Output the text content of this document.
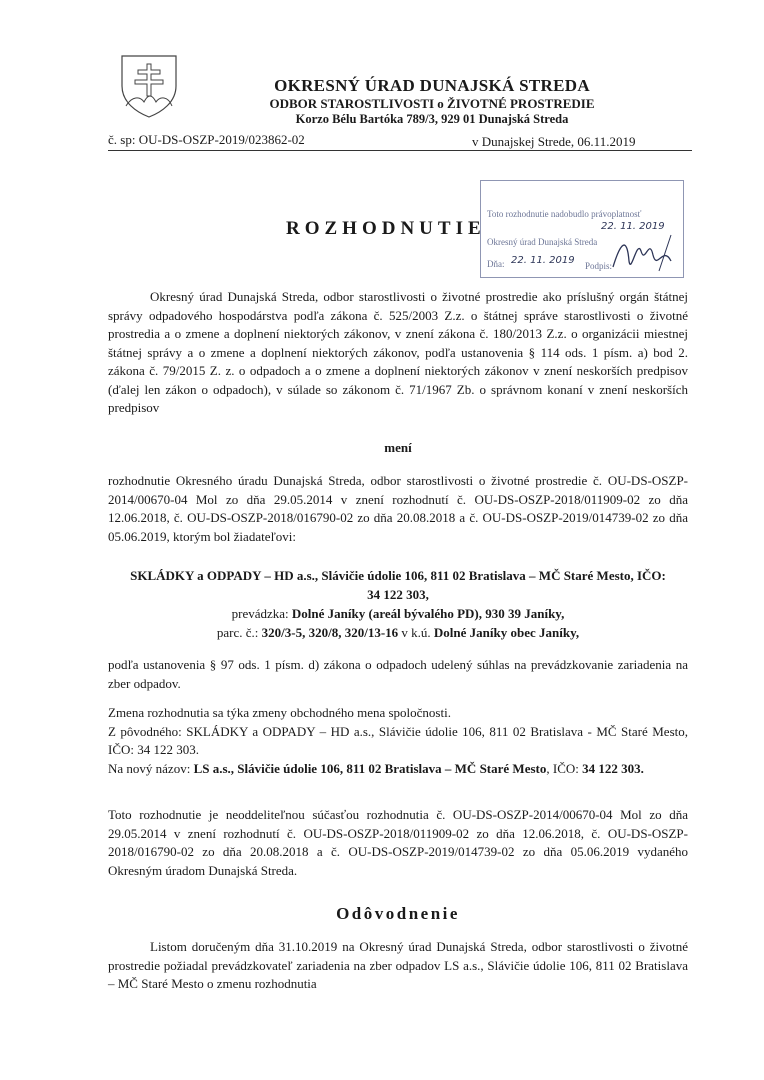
OKRESNÝ ÚRAD DUNAJSKÁ STREDA
ODBOR STAROSTLIVOSTI o ŽIVOTNÉ PROSTREDIE
Korzo Bélu Bartóka 789/3, 929 01 Dunajská Streda
č. sp: OU-DS-OSZP-2019/023862-02	v Dunajskej Strede, 06.11.2019
Toto rozhodnutie nadobudlo právoplatnosť
22. 11. 2019
Okresný úrad Dunajská Streda
Dňa: 22. 11. 2019 Podpis:
ROZHODNUTIE
Okresný úrad Dunajská Streda, odbor starostlivosti o životné prostredie ako príslušný orgán štátnej správy odpadového hospodárstva podľa zákona č. 525/2003 Z.z. o štátnej správe starostlivosti o životné prostredia a o zmene a doplnení niektorých zákonov, v znení zákona č. 180/2013 Z.z. o organizácii miestnej štátnej správy a o zmene a doplnení niektorých zákonov, podľa ustanovenia § 114 ods. 1 písm. a) bod 2. zákona č. 79/2015 Z. z. o odpadoch a o zmene a doplnení niektorých zákonov v znení neskorších predpisov (ďalej len zákon o odpadoch), v súlade so zákonom č. 71/1967 Zb. o správnom konaní v znení neskorších predpisov
mení
rozhodnutie Okresného úradu Dunajská Streda, odbor starostlivosti o životné prostredie č. OU-DS-OSZP-2014/00670-04 Mol zo dňa 29.05.2014 v znení rozhodnutí č. OU-DS-OSZP-2018/011909-02 zo dňa 12.06.2018, č. OU-DS-OSZP-2018/016790-02 zo dňa 20.08.2018 a č. OU-DS-OSZP-2019/014739-02 zo dňa 05.06.2019, ktorým bol žiadateľovi:
SKLÁDKY a ODPADY – HD a.s., Slávičie údolie 106, 811 02 Bratislava – MČ Staré Mesto, IČO: 34 122 303,
prevádzka: Dolné Janíky (areál bývalého PD), 930 39 Janíky,
parc. č.: 320/3-5, 320/8, 320/13-16 v k.ú. Dolné Janíky obec Janíky,
podľa ustanovenia § 97 ods. 1 písm. d) zákona o odpadoch udelený súhlas na prevádzkovanie zariadenia na zber odpadov.

Zmena rozhodnutia sa týka zmeny obchodného mena spoločnosti.

Z pôvodného: SKLÁDKY a ODPADY – HD a.s., Slávičie údolie 106, 811 02 Bratislava - MČ Staré Mesto, IČO: 34 122 303.

Na nový názov: LS a.s., Slávičie údolie 106, 811 02 Bratislava – MČ Staré Mesto, IČO: 34 122 303.

Toto rozhodnutie je neoddeliteľnou súčasťou rozhodnutia č. OU-DS-OSZP-2014/00670-04 Mol zo dňa 29.05.2014 v znení rozhodnutí č. OU-DS-OSZP-2018/011909-02 zo dňa 12.06.2018, č. OU-DS-OSZP-2018/016790-02 zo dňa 20.08.2018 a č. OU-DS-OSZP-2019/014739-02 zo dňa 05.06.2019 vydaného Okresným úradom Dunajská Streda.
Odôvodnenie
Listom doručeným dňa 31.10.2019 na Okresný úrad Dunajská Streda, odbor starostlivosti o životné prostredie požiadal prevádzkovateľ zariadenia na zber odpadov LS a.s., Slávičie údolie 106, 811 02 Bratislava – MČ Staré Mesto o zmenu rozhodnutia
